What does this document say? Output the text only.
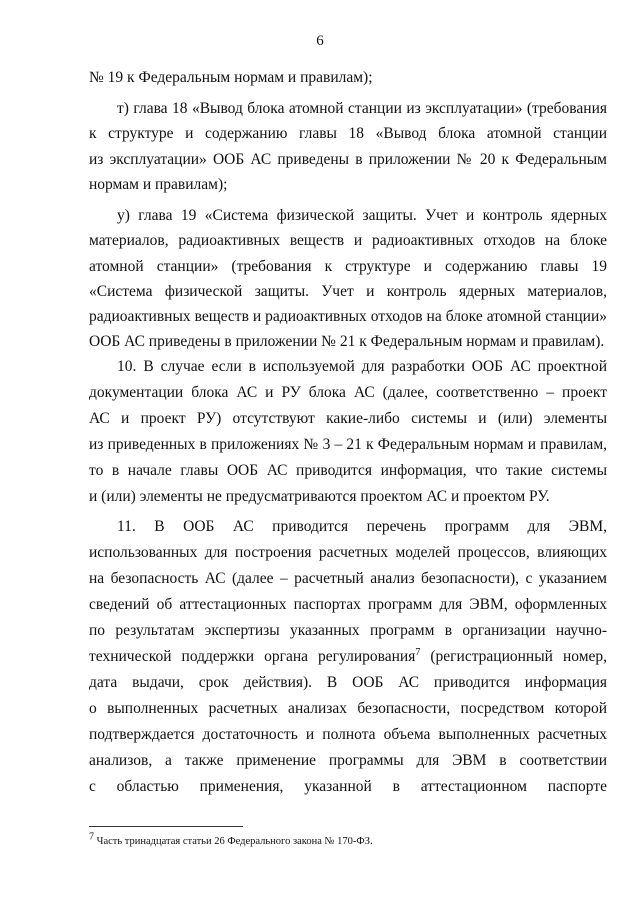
6
№ 19 к Федеральным нормам и правилам);
т) глава 18 «Вывод блока атомной станции из эксплуатации» (требования
к структуре и содержанию главы 18 «Вывод блока атомной станции
из эксплуатации» ООБ АС приведены в приложении № 20 к Федеральным
нормам и правилам);
у) глава 19 «Система физической защиты. Учет и контроль ядерных
материалов, радиоактивных веществ и радиоактивных отходов на блоке
атомной станции» (требования к структуре и содержанию главы 19
«Система физической защиты. Учет и контроль ядерных материалов,
радиоактивных веществ и радиоактивных отходов на блоке атомной станции»
ООБ АС приведены в приложении № 21 к Федеральным нормам и правилам).
10. В случае если в используемой для разработки ООБ АС проектной
документации блока АС и РУ блока АС (далее, соответственно – проект
АС и проект РУ) отсутствуют какие-либо системы и (или) элементы
из приведенных в приложениях № 3 – 21 к Федеральным нормам и правилам,
то в начале главы ООБ АС приводится информация, что такие системы
и (или) элементы не предусматриваются проектом АС и проектом РУ.
11. В ООБ АС приводится перечень программ для ЭВМ,
использованных для построения расчетных моделей процессов, влияющих
на безопасность АС (далее – расчетный анализ безопасности), с указанием
сведений об аттестационных паспортах программ для ЭВМ, оформленных
по результатам экспертизы указанных программ в организации научно-
технической поддержки органа регулирования$^7$ (регистрационный номер,
дата выдачи, срок действия). В ООБ АС приводится информация
о выполненных расчетных анализах безопасности, посредством которой
подтверждается достаточность и полнота объема выполненных расчетных
анализов, а также применение программы для ЭВМ в соответствии
с областью применения, указанной в аттестационном паспорте
$^7$ Часть тринадцатая статьи 26 Федерального закона № 170-ФЗ.
